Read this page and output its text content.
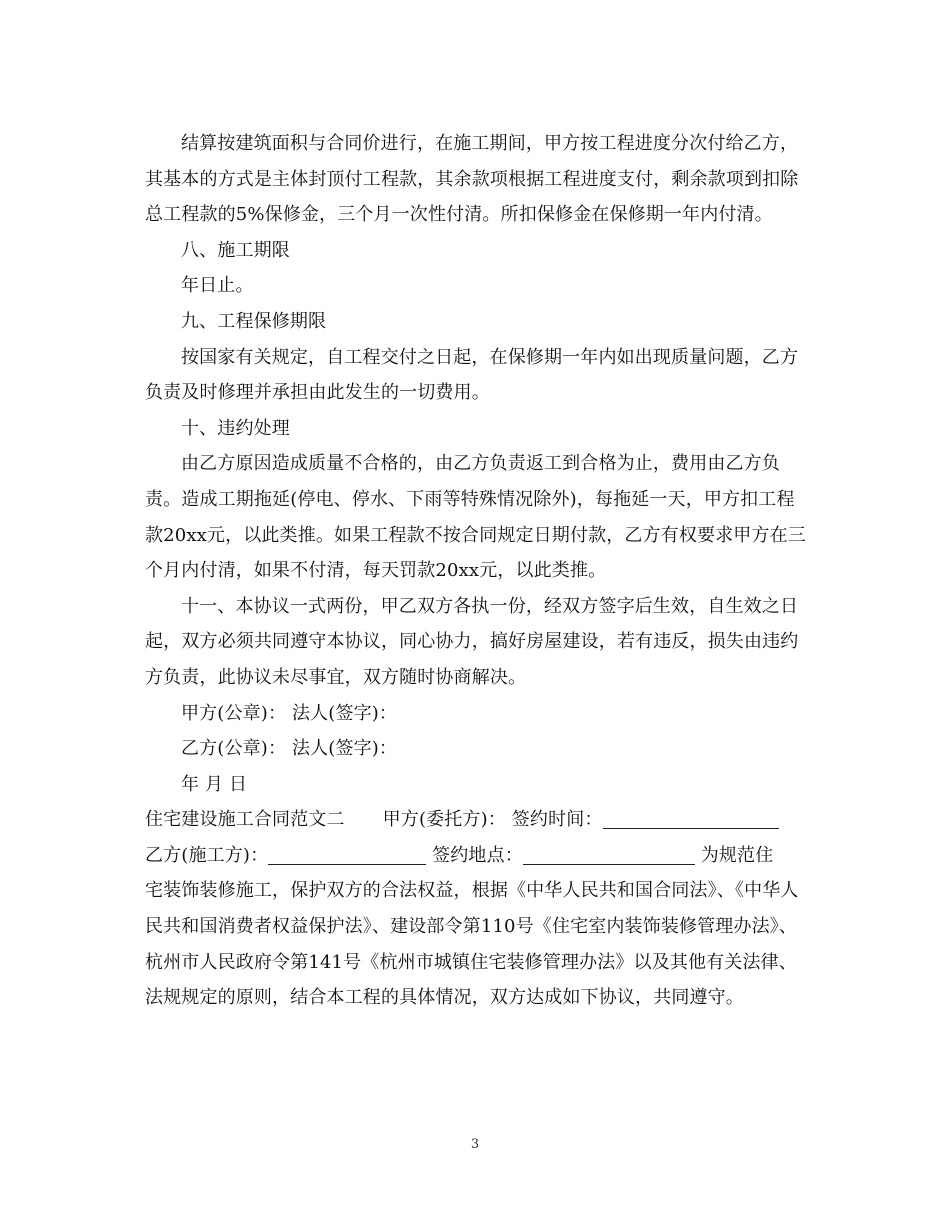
结算按建筑面积与合同价进行，在施工期间，甲方按工程进度分次付给乙方，其基本的方式是主体封顶付工程款，其余款项根据工程进度支付，剩余款项到扣除总工程款的5%保修金，三个月一次性付清。所扣保修金在保修期一年内付清。

八、施工期限

年日止。

九、工程保修期限

按国家有关规定，自工程交付之日起，在保修期一年内如出现质量问题，乙方负责及时修理并承担由此发生的一切费用。

十、违约处理

由乙方原因造成质量不合格的，由乙方负责返工到合格为止，费用由乙方负责。造成工期拖延(停电、停水、下雨等特殊情况除外)，每拖延一天，甲方扣工程款20xx元，以此类推。如果工程款不按合同规定日期付款，乙方有权要求甲方在三个月内付清，如果不付清，每天罚款20xx元，以此类推。

十一、本协议一式两份，甲乙双方各执一份，经双方签字后生效，自生效之日起，双方必须共同遵守本协议，同心协力，搞好房屋建设，若有违反，损失由违约方负责，此协议未尽事宜，双方随时协商解决。

甲方(公章)： 法人(签字)：

乙方(公章)： 法人(签字)：

年 月 日

住宅建设施工合同范文二 甲方(委托方)： 签约时间：

乙方(施工方)：	签约地点：	为规范住

宅装饰装修施工，保护双方的合法权益，根据《中华人民共和国合同法》、《中华人民共和国消费者权益保护法》、建设部令第110号《住宅室内装饰装修管理办法》、杭州市人民政府令第141号《杭州市城镇住宅装修管理办法》以及其他有关法律、法规规定的原则，结合本工程的具体情况，双方达成如下协议，共同遵守。

3
